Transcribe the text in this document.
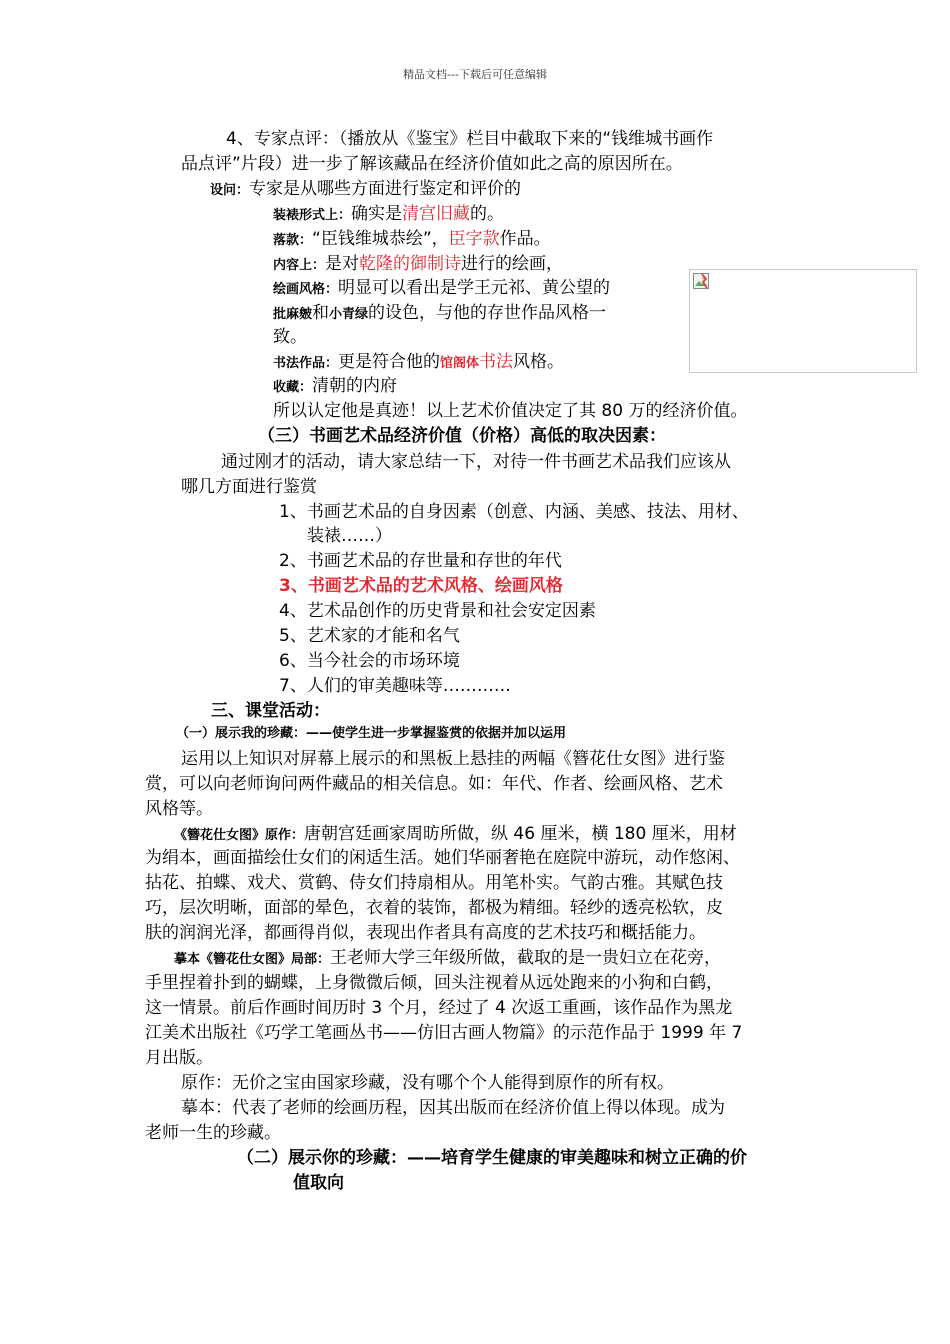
精品文档---下载后可任意编辑
4、专家点评：（播放从《鉴宝》栏目中截取下来的“钱维城书画作
品点评”片段）进一步了解该藏品在经济价值如此之高的原因所在。
设问：专家是从哪些方面进行鉴定和评价的
装裱形式上：确实是清宫旧藏的。
落款：“臣钱维城恭绘”，臣字款作品。
内容上：是对乾隆的御制诗进行的绘画，
绘画风格：明显可以看出是学王元祁、黄公望的
批麻皴和小青绿的设色，与他的存世作品风格一
致。
书法作品：更是符合他的馆阁体书法风格。
收藏：清朝的内府
所以认定他是真迹！以上艺术价值决定了其 80 万的经济价值。
（三）书画艺术品经济价值（价格）高低的取决因素：
通过刚才的活动，请大家总结一下，对待一件书画艺术品我们应该从
哪几方面进行鉴赏
1、书画艺术品的自身因素（创意、内涵、美感、技法、用材、
装裱……）
2、书画艺术品的存世量和存世的年代
3、书画艺术品的艺术风格、绘画风格
4、艺术品创作的历史背景和社会安定因素
5、艺术家的才能和名气
6、当今社会的市场环境
7、人们的审美趣味等…………
三、课堂活动：
（一）展示我的珍藏：——使学生进一步掌握鉴赏的依据并加以运用
运用以上知识对屏幕上展示的和黑板上悬挂的两幅《簪花仕女图》进行鉴
赏，可以向老师询问两件藏品的相关信息。如：年代、作者、绘画风格、艺术
风格等。
《簪花仕女图》原作：唐朝宫廷画家周昉所做，纵 46 厘米，横 180 厘米，用材
为绢本，画面描绘仕女们的闲适生活。她们华丽奢艳在庭院中游玩，动作悠闲、
拈花、拍蝶、戏犬、赏鹤、侍女们持扇相从。用笔朴实。气韵古雅。其赋色技
巧，层次明晰，面部的晕色，衣着的装饰，都极为精细。轻纱的透亮松软，皮
肤的润润光泽，都画得肖似，表现出作者具有高度的艺术技巧和概括能力。
摹本《簪花仕女图》局部：王老师大学三年级所做，截取的是一贵妇立在花旁，
手里捏着扑到的蝴蝶，上身微微后倾，回头注视着从远处跑来的小狗和白鹤，
这一情景。前后作画时间历时 3 个月，经过了 4 次返工重画，该作品作为黑龙
江美术出版社《巧学工笔画丛书——仿旧古画人物篇》的示范作品于 1999 年 7
月出版。
原作：无价之宝由国家珍藏，没有哪个个人能得到原作的所有权。
摹本：代表了老师的绘画历程，因其出版而在经济价值上得以体现。成为
老师一生的珍藏。
（二）展示你的珍藏：——培育学生健康的审美趣味和树立正确的价
值取向
